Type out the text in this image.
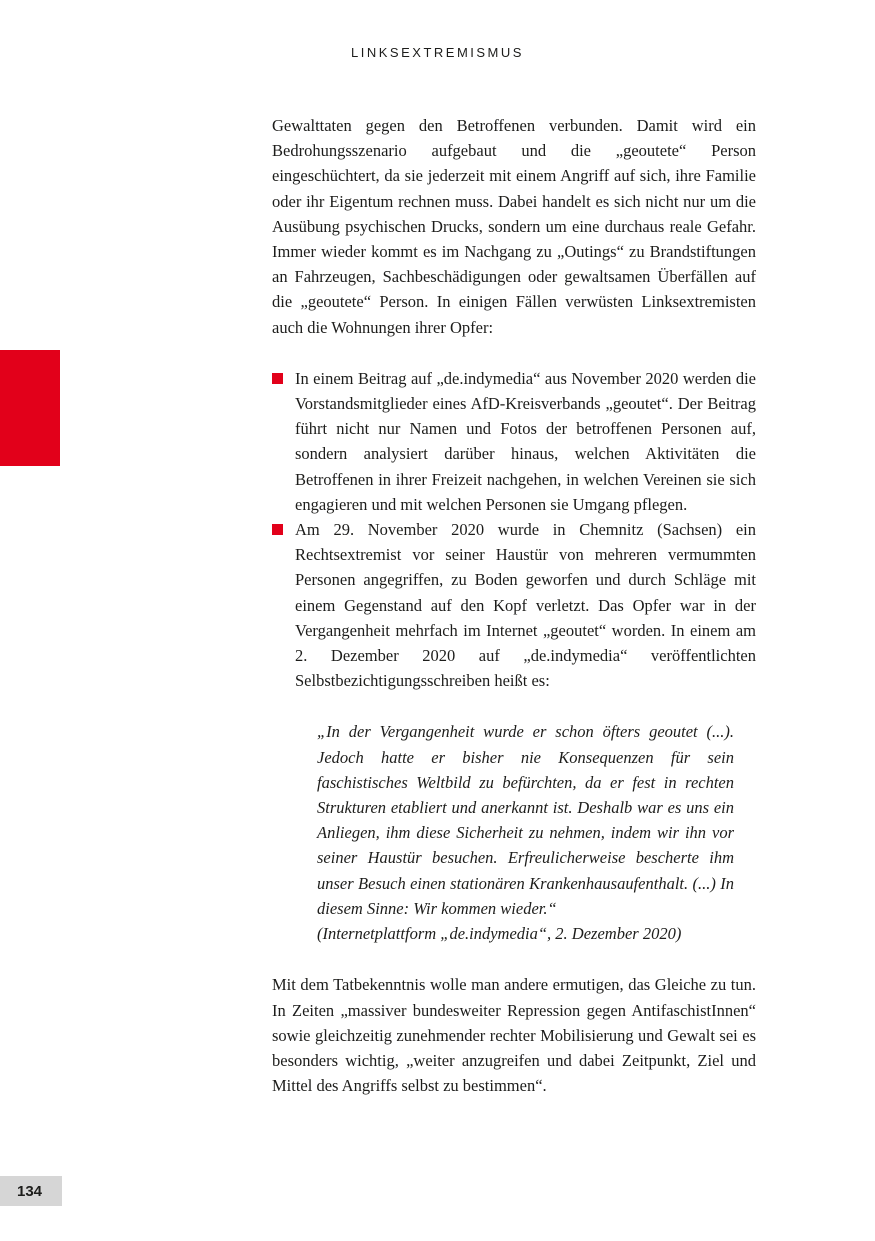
LINKSEXTREMISMUS

Gewalttaten gegen den Betroffenen verbunden. Damit wird ein Bedrohungsszenario aufgebaut und die „geoutete“ Person eingeschüchtert, da sie jederzeit mit einem Angriff auf sich, ihre Familie oder ihr Eigentum rechnen muss. Dabei handelt es sich nicht nur um die Ausübung psychischen Drucks, sondern um eine durchaus reale Gefahr. Immer wieder kommt es im Nachgang zu „Outings“ zu Brandstiftungen an Fahrzeugen, Sachbeschädigungen oder gewaltsamen Überfällen auf die „geoutete“ Person. In einigen Fällen verwüsten Linksextremisten auch die Wohnungen ihrer Opfer:

In einem Beitrag auf „de.indymedia“ aus November 2020 werden die Vorstandsmitglieder eines AfD-Kreisverbands „geoutet“. Der Beitrag führt nicht nur Namen und Fotos der betroffenen Personen auf, sondern analysiert darüber hinaus, welchen Aktivitäten die Betroffenen in ihrer Freizeit nachgehen, in welchen Vereinen sie sich engagieren und mit welchen Personen sie Umgang pflegen.
Am 29. November 2020 wurde in Chemnitz (Sachsen) ein Rechtsextremist vor seiner Haustür von mehreren vermummten Personen angegriffen, zu Boden geworfen und durch Schläge mit einem Gegenstand auf den Kopf verletzt. Das Opfer war in der Vergangenheit mehrfach im Internet „geoutet“ worden. In einem am 2. Dezember 2020 auf „de.indymedia“ veröffentlichten Selbstbezichtigungsschreiben heißt es:
„In der Vergangenheit wurde er schon öfters geoutet (...). Jedoch hatte er bisher nie Konsequenzen für sein faschistisches Weltbild zu befürchten, da er fest in rechten Strukturen etabliert und anerkannt ist. Deshalb war es uns ein Anliegen, ihm diese Sicherheit zu nehmen, indem wir ihn vor seiner Haustür besuchen. Erfreulicherweise bescherte ihm unser Besuch einen stationären Krankenhausaufenthalt. (...) In diesem Sinne: Wir kommen wieder.“
(Internetplattform „de.indymedia“, 2. Dezember 2020)

Mit dem Tatbekenntnis wolle man andere ermutigen, das Gleiche zu tun. In Zeiten „massiver bundesweiter Repression gegen AntifaschistInnen“ sowie gleichzeitig zunehmender rechter Mobilisierung und Gewalt sei es besonders wichtig, „weiter anzugreifen und dabei Zeitpunkt, Ziel und Mittel des Angriffs selbst zu bestimmen“.

134
